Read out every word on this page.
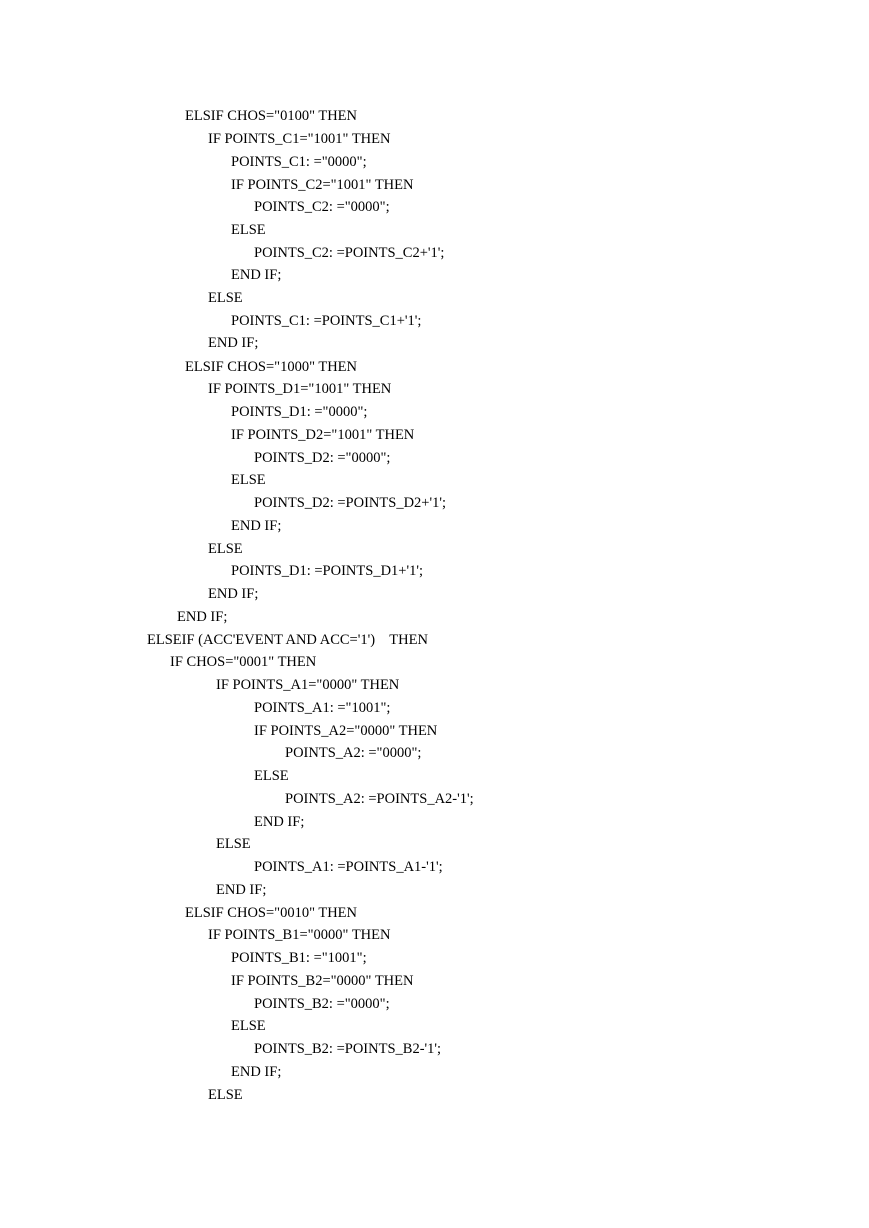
ELSIF CHOS="0100" THEN
IF POINTS_C1="1001" THEN
POINTS_C1: ="0000";
IF POINTS_C2="1001" THEN
POINTS_C2: ="0000";
ELSE
POINTS_C2: =POINTS_C2+'1';
END IF;
ELSE
POINTS_C1: =POINTS_C1+'1';
END IF;
ELSIF CHOS="1000" THEN
IF POINTS_D1="1001" THEN
POINTS_D1: ="0000";
IF POINTS_D2="1001" THEN
POINTS_D2: ="0000";
ELSE
POINTS_D2: =POINTS_D2+'1';
END IF;
ELSE
POINTS_D1: =POINTS_D1+'1';
END IF;
END IF;
ELSEIF (ACC'EVENT AND ACC='1')    THEN
IF CHOS="0001" THEN
IF POINTS_A1="0000" THEN
POINTS_A1: ="1001";
IF POINTS_A2="0000" THEN
POINTS_A2: ="0000";
ELSE
POINTS_A2: =POINTS_A2-'1';
END IF;
ELSE
POINTS_A1: =POINTS_A1-'1';
END IF;
ELSIF CHOS="0010" THEN
IF POINTS_B1="0000" THEN
POINTS_B1: ="1001";
IF POINTS_B2="0000" THEN
POINTS_B2: ="0000";
ELSE
POINTS_B2: =POINTS_B2-'1';
END IF;
ELSE
